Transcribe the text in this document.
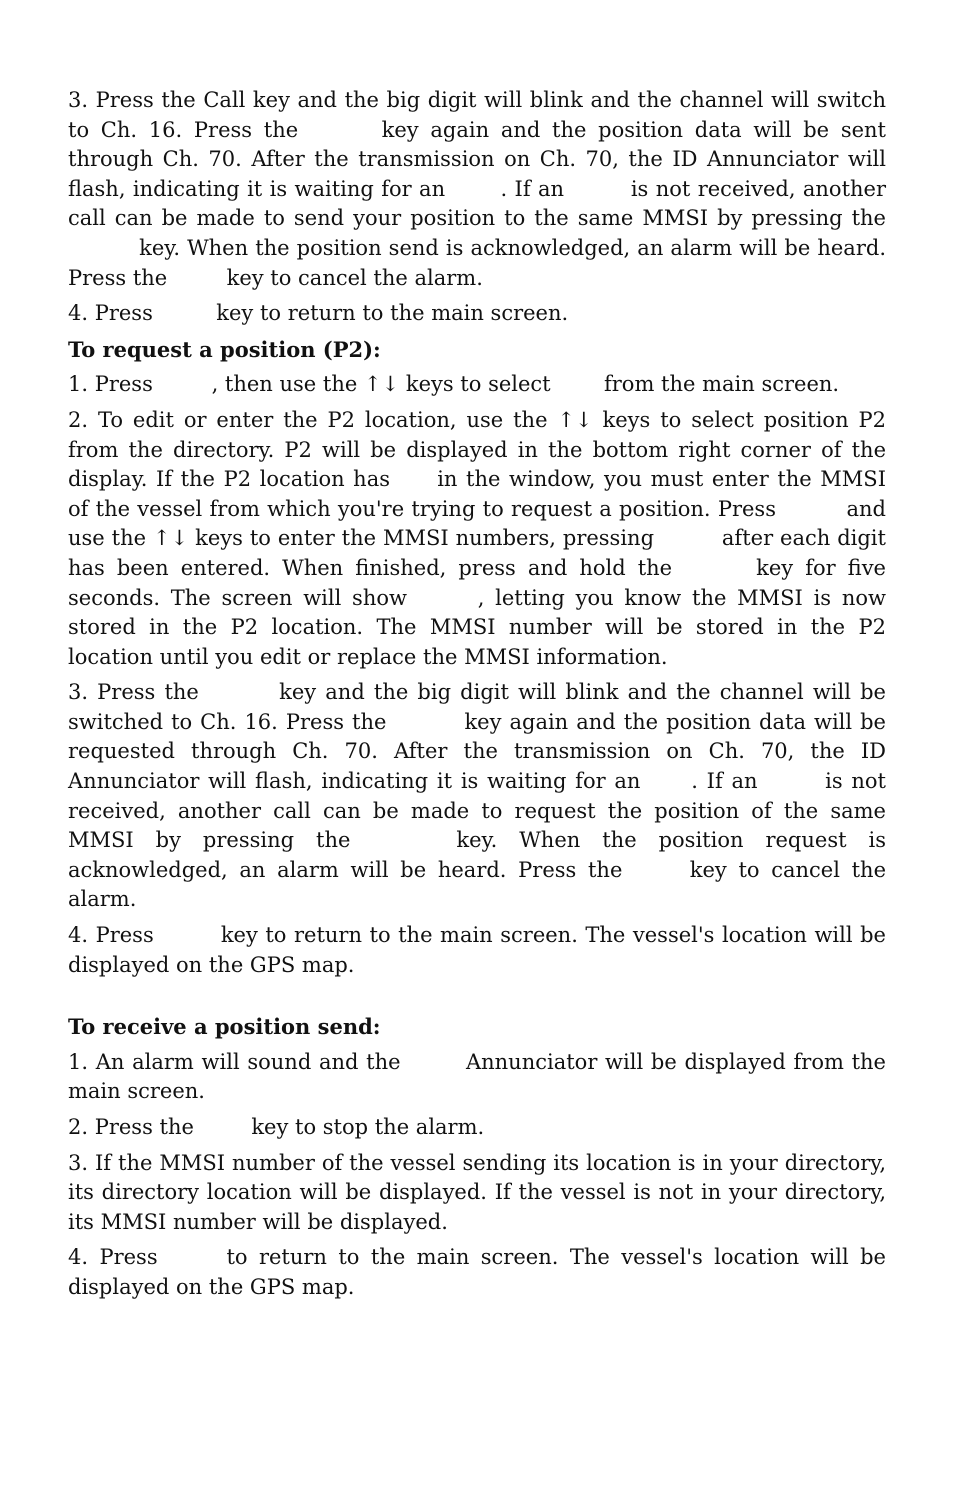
3. Press the Call key and the big digit will blink and the channel will switch to Ch. 16. Press the	key again and the position data will be sent through Ch. 70. After the transmission on Ch. 70, the ID Annunciator will flash, indicating it is waiting for an	. If an	is not received, another call can be made to send your position to the same MMSI by pressing the  key. When the position send is acknowledged, an alarm will be heard. Press the	key to cancel the alarm.

4. Press	key to return to the main screen.

To request a position (P2):

1. Press	, then use the ↑↓ keys to select	from the main screen.

2. To edit or enter the P2 location, use the ↑↓ keys to select position P2 from the directory. P2 will be displayed in the bottom right corner of the display. If the P2 location has in the window, you must enter the MMSI of the vessel from which you're trying to request a position. Press	and use the ↑↓ keys to enter the MMSI numbers, pressing	after each digit has been entered. When finished, press and hold the	key for five seconds. The screen will show	, letting you know the MMSI is now stored in the P2 location. The MMSI number will be stored in the P2 location until you edit or replace the MMSI information.

3. Press the	key and the big digit will blink and the channel will be switched to Ch. 16. Press the	key again and the position data will be requested through Ch. 70. After the transmission on Ch. 70, the ID Annunciator will flash, indicating it is waiting for an . If an	is not received, another call can be made to request the position of the same MMSI by pressing the	key. When the position request is acknowledged, an alarm will be heard. Press the	key to cancel the alarm.

4. Press	key to return to the main screen. The vessel's location will be displayed on the GPS map.

To receive a position send:

1. An alarm will sound and the	Annunciator will be displayed from the main screen.

2. Press the	key to stop the alarm.

3. If the MMSI number of the vessel sending its location is in your directory, its directory location will be displayed. If the vessel is not in your directory, its MMSI number will be displayed.

4. Press	to return to the main screen. The vessel's location will be displayed on the GPS map.
